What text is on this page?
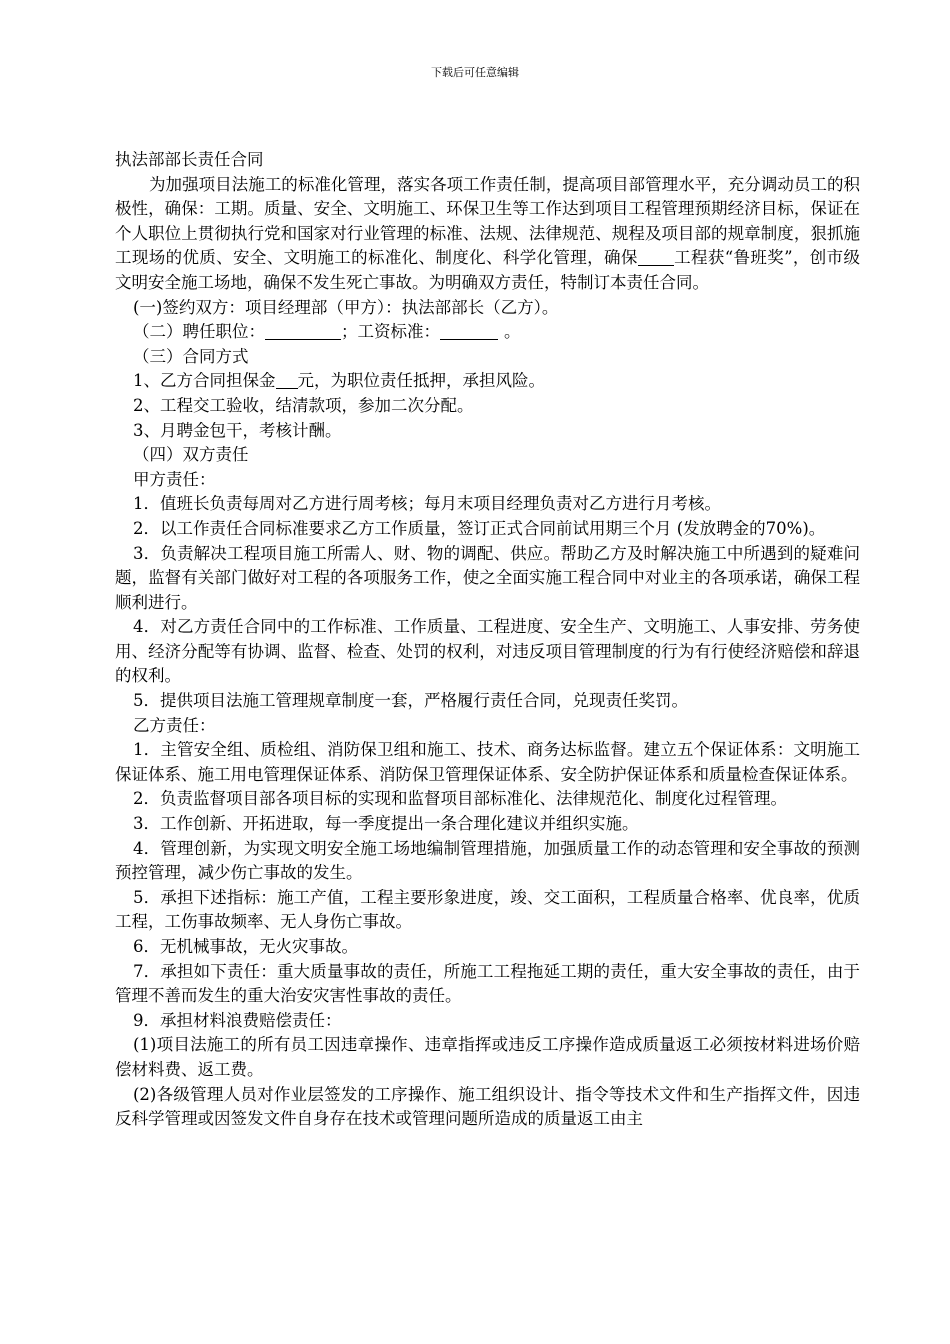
下载后可任意编辑

执法部部长责任合同

为加强项目法施工的标准化管理，落实各项工作责任制，提高项目部管理水平，充分调动员工的积极性，确保：工期。质量、安全、文明施工、环保卫生等工作达到项目工程管理预期经济目标，保证在个人职位上贯彻执行党和国家对行业管理的标准、法规、法律规范、规程及项目部的规章制度，狠抓施工现场的优质、安全、文明施工的标准化、制度化、科学化管理，确保 工程获“鲁班奖”，创市级文明安全施工场地，确保不发生死亡事故。为明确双方责任，特制订本责任合同。

(一)签约双方：项目经理部（甲方）：执法部部长（乙方）。

（二）聘任职位：	；工资标准：	。

（三）合同方式

1、乙方合同担保金 元，为职位责任抵押，承担风险。

2、工程交工验收，结清款项，参加二次分配。

3、月聘金包干，考核计酬。

（四）双方责任

甲方责任：

1．值班长负责每周对乙方进行周考核；每月末项目经理负责对乙方进行月考核。

2．以工作责任合同标准要求乙方工作质量，签订正式合同前试用期三个月 (发放聘金的70%)。

3．负责解决工程项目施工所需人、财、物的调配、供应。帮助乙方及时解决施工中所遇到的疑难问题，监督有关部门做好对工程的各项服务工作，使之全面实施工程合同中对业主的各项承诺，确保工程顺利进行。

4．对乙方责任合同中的工作标准、工作质量、工程进度、安全生产、文明施工、人事安排、劳务使用、经济分配等有协调、监督、检查、处罚的权利，对违反项目管理制度的行为有行使经济赔偿和辞退的权利。

5．提供项目法施工管理规章制度一套，严格履行责任合同，兑现责任奖罚。

乙方责任：

1．主管安全组、质检组、消防保卫组和施工、技术、商务达标监督。建立五个保证体系：文明施工保证体系、施工用电管理保证体系、消防保卫管理保证体系、安全防护保证体系和质量检查保证体系。

2．负责监督项目部各项目标的实现和监督项目部标准化、法律规范化、制度化过程管理。

3．工作创新、开拓进取，每一季度提出一条合理化建议并组织实施。

4．管理创新，为实现文明安全施工场地编制管理措施，加强质量工作的动态管理和安全事故的预测预控管理，减少伤亡事故的发生。

5．承担下述指标：施工产值，工程主要形象进度，竣、交工面积，工程质量合格率、优良率，优质工程，工伤事故频率、无人身伤亡事故。

6．无机械事故，无火灾事故。

7．承担如下责任：重大质量事故的责任，所施工工程拖延工期的责任，重大安全事故的责任，由于管理不善而发生的重大治安灾害性事故的责任。

9．承担材料浪费赔偿责任：

(1)项目法施工的所有员工因违章操作、违章指挥或违反工序操作造成质量返工必须按材料进场价赔偿材料费、返工费。

(2)各级管理人员对作业层签发的工序操作、施工组织设计、指令等技术文件和生产指挥文件，因违反科学管理或因签发文件自身存在技术或管理问题所造成的质量返工由主
